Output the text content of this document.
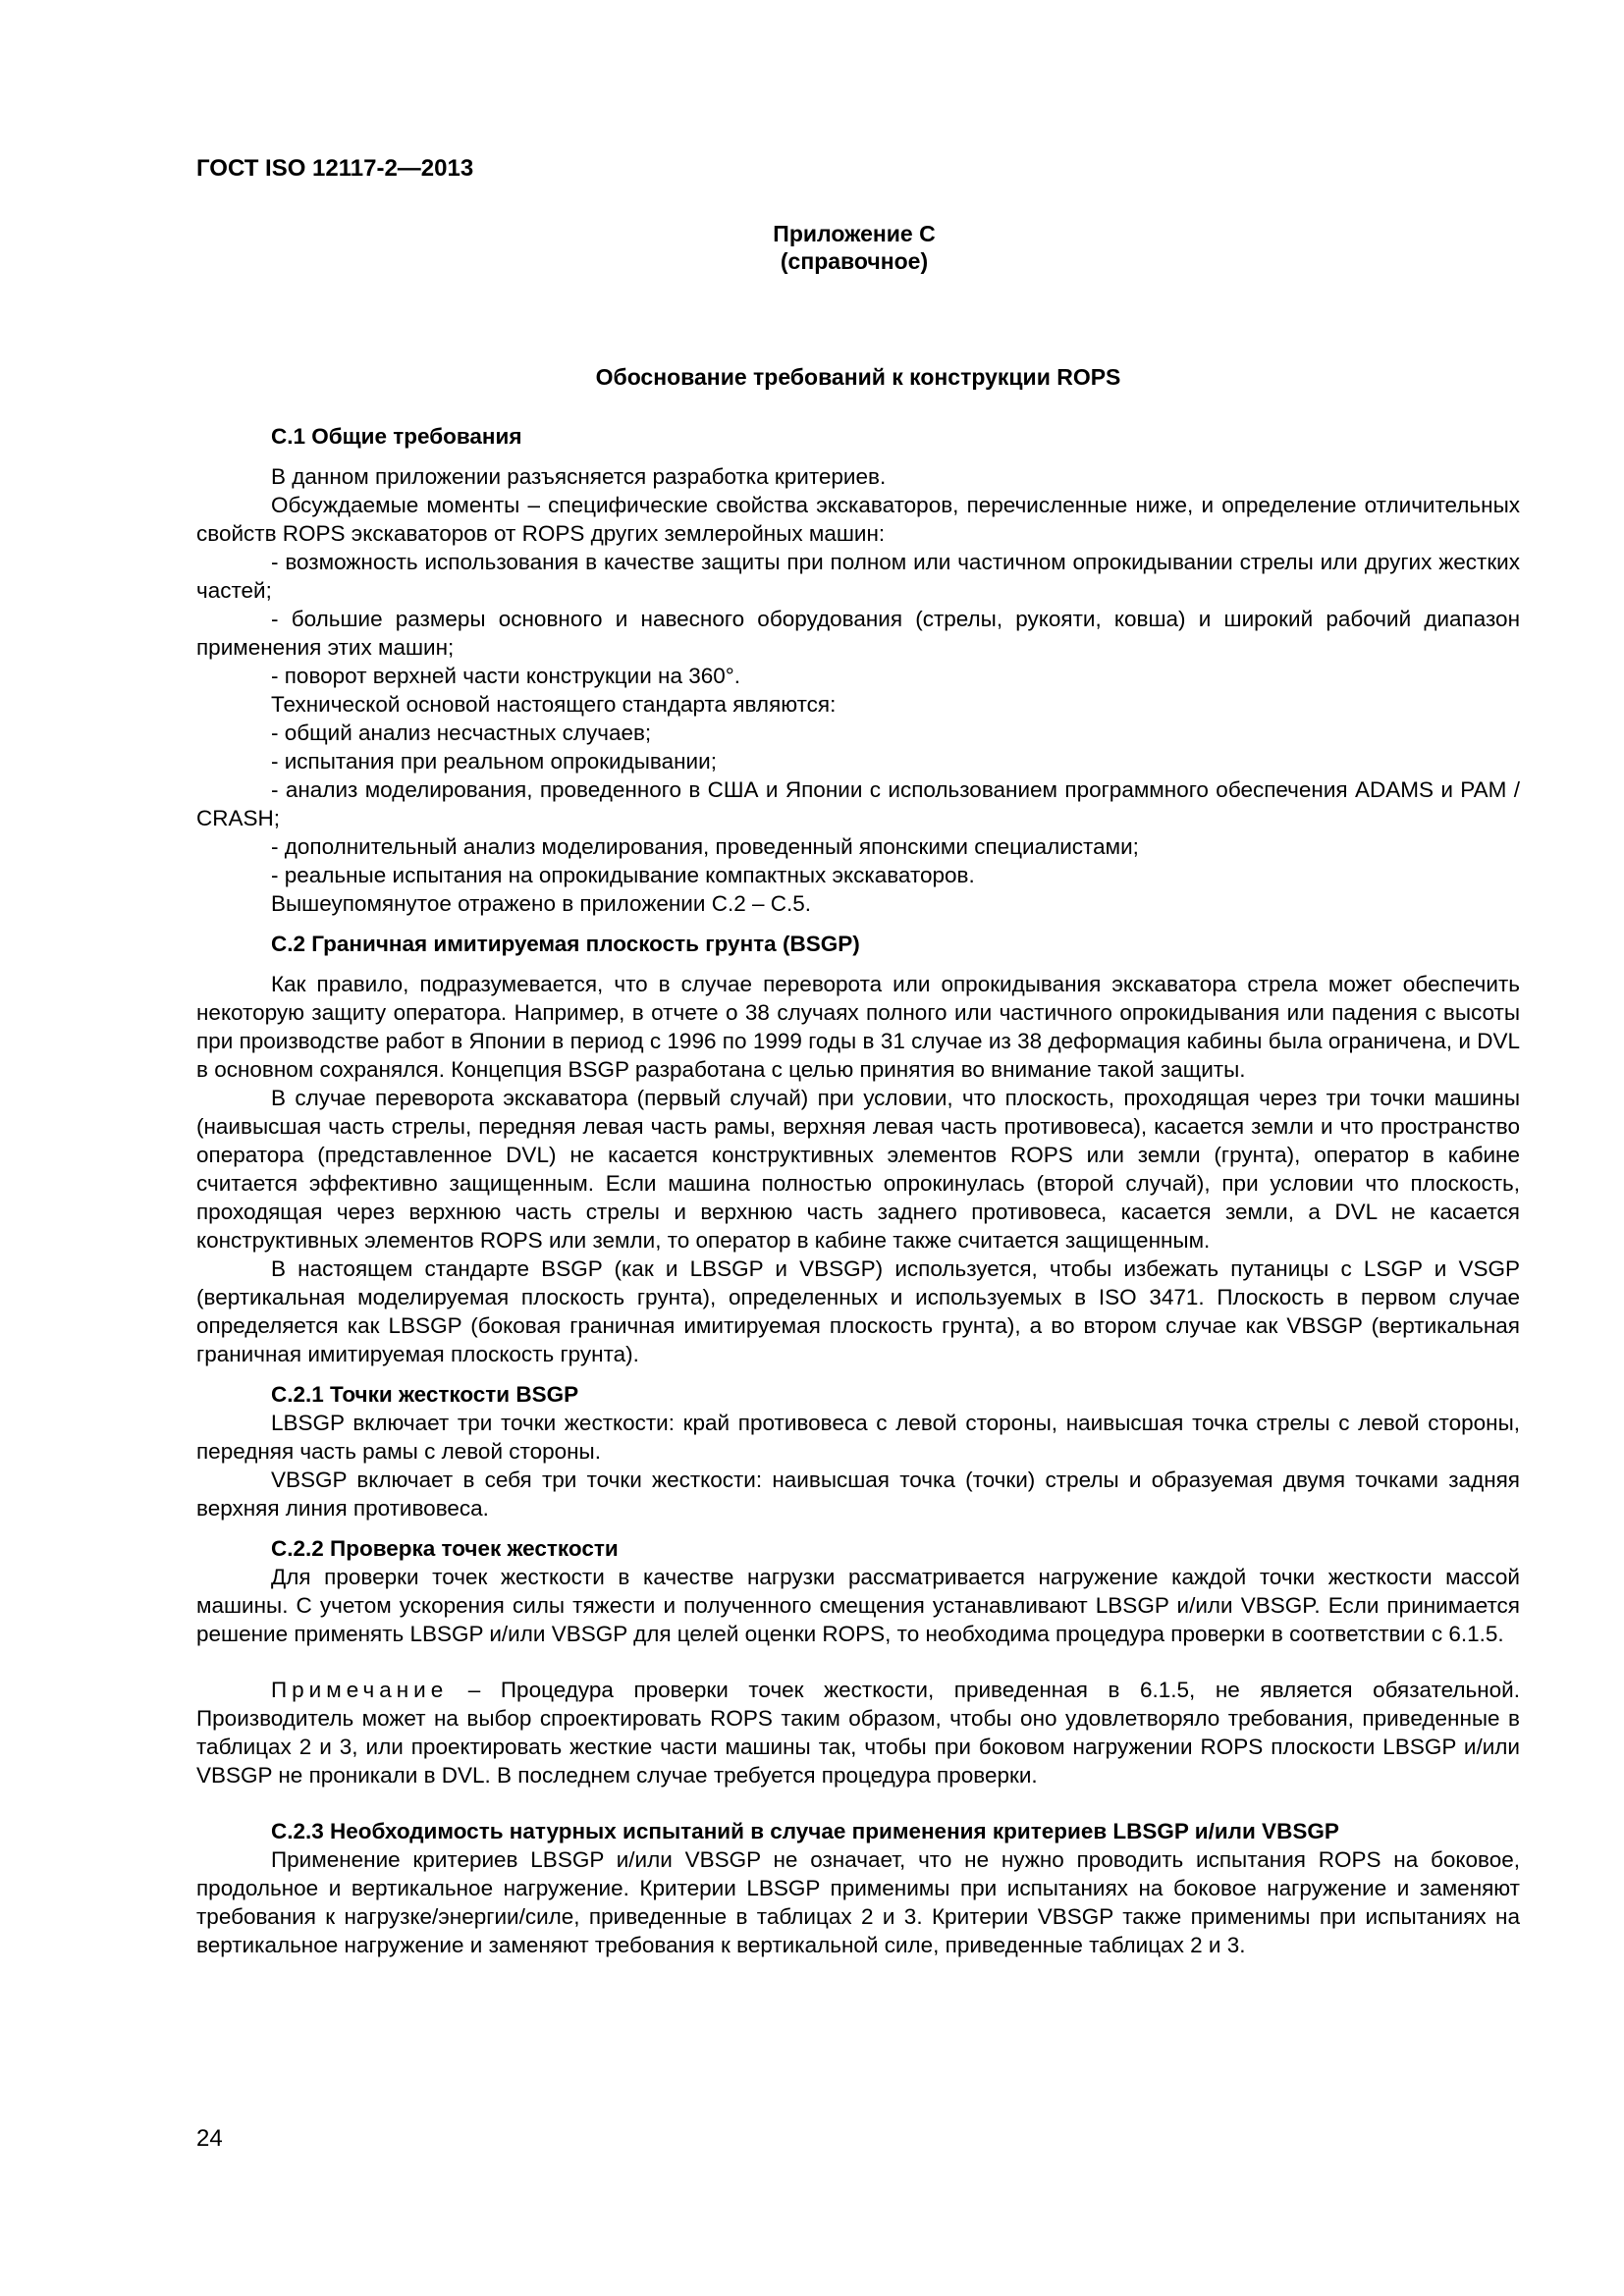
ГОСТ ISO 12117-2—2013
Приложение С
(справочное)
Обоснование требований к конструкции ROPS
С.1 Общие требования

В данном приложении разъясняется разработка критериев.

Обсуждаемые моменты – специфические свойства экскаваторов, перечисленные ниже, и определение отличительных свойств ROPS экскаваторов от ROPS других землеройных машин:

- возможность использования в качестве защиты при полном или частичном опрокидывании стрелы или других жестких частей;

- большие размеры основного и навесного оборудования (стрелы, рукояти, ковша) и широкий рабочий диапазон применения этих машин;

- поворот верхней части конструкции на 360°.

Технической основой настоящего стандарта являются:

- общий анализ несчастных случаев;

- испытания при реальном опрокидывании;

- анализ моделирования, проведенного в США и Японии с использованием программного обеспечения ADAMS и PAM / CRASH;

- дополнительный анализ моделирования, проведенный японскими специалистами;

- реальные испытания на опрокидывание компактных экскаваторов.

Вышеупомянутое отражено в приложении С.2 – С.5.

С.2 Граничная имитируемая плоскость грунта (BSGP)

Как правило, подразумевается, что в случае переворота или опрокидывания экскаватора стрела может обеспечить некоторую защиту оператора. Например, в отчете о 38 случаях полного или частичного опрокидывания или падения с высоты при производстве работ в Японии в период с 1996 по 1999 годы в 31 случае из 38 деформация кабины была ограничена, и DVL в основном сохранялся. Концепция BSGP разработана с целью принятия во внимание такой защиты.

В случае переворота экскаватора (первый случай) при условии, что плоскость, проходящая через три точки машины (наивысшая часть стрелы, передняя левая часть рамы, верхняя левая часть противовеса), касается земли и что пространство оператора (представленное DVL) не касается конструктивных элементов ROPS или земли (грунта), оператор в кабине считается эффективно защищенным. Если машина полностью опрокинулась (второй случай), при условии что плоскость, проходящая через верхнюю часть стрелы и верхнюю часть заднего противовеса, касается земли, а DVL не касается конструктивных элементов ROPS или земли, то оператор в кабине также считается защищенным.

В настоящем стандарте BSGP (как и LBSGP и VBSGP) используется, чтобы избежать путаницы с LSGP и VSGP (вертикальная моделируемая плоскость грунта), определенных и используемых в ISO 3471. Плоскость в первом случае определяется как LBSGP (боковая граничная имитируемая плоскость грунта), а во втором случае как VBSGP (вертикальная граничная имитируемая плоскость грунта).

С.2.1 Точки жесткости BSGP

LBSGP включает три точки жесткости: край противовеса с левой стороны, наивысшая точка стрелы с левой стороны, передняя часть рамы с левой стороны.

VBSGP включает в себя три точки жесткости: наивысшая точка (точки) стрелы и образуемая двумя точками задняя верхняя линия противовеса.

С.2.2 Проверка точек жесткости

Для проверки точек жесткости в качестве нагрузки рассматривается нагружение каждой точки жесткости массой машины. С учетом ускорения силы тяжести и полученного смещения устанавливают LBSGP и/или VBSGP. Если принимается решение применять LBSGP и/или VBSGP для целей оценки ROPS, то необходима процедура проверки в соответствии с 6.1.5.

Примечание – Процедура проверки точек жесткости, приведенная в 6.1.5, не является обязательной. Производитель может на выбор спроектировать ROPS таким образом, чтобы оно удовлетворяло требования, приведенные в таблицах 2 и 3, или проектировать жесткие части машины так, чтобы при боковом нагружении ROPS плоскости LBSGP и/или VBSGP не проникали в DVL. В последнем случае требуется процедура проверки.

С.2.3 Необходимость натурных испытаний в случае применения критериев LBSGP и/или VBSGP

Применение критериев LBSGP и/или VBSGP не означает, что не нужно проводить испытания ROPS на боковое, продольное и вертикальное нагружение. Критерии LBSGP применимы при испытаниях на боковое нагружение и заменяют требования к нагрузке/энергии/силе, приведенные в таблицах 2 и 3. Критерии VBSGP также применимы при испытаниях на вертикальное нагружение и заменяют требования к вертикальной силе, приведенные таблицах 2 и 3.

24
